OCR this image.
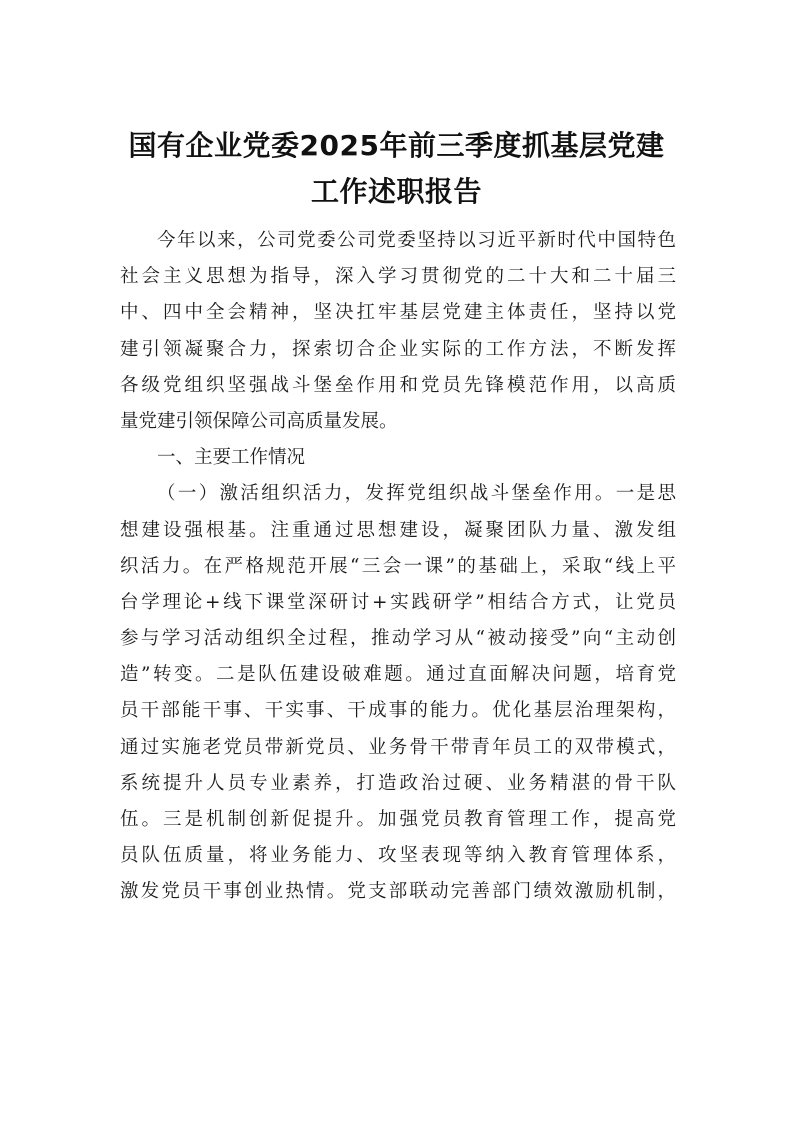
国有企业党委2025年前三季度抓基层党建
工作述职报告
今年以来，公司党委公司党委坚持以习近平新时代中国特色
社会主义思想为指导，深入学习贯彻党的二十大和二十届三
中、四中全会精神，坚决扛牢基层党建主体责任，坚持以党
建引领凝聚合力，探索切合企业实际的工作方法，不断发挥
各级党组织坚强战斗堡垒作用和党员先锋模范作用，以高质
量党建引领保障公司高质量发展。
一、主要工作情况
（一）激活组织活力，发挥党组织战斗堡垒作用。一是思
想建设强根基。注重通过思想建设，凝聚团队力量、激发组
织活力。在严格规范开展“三会一课”的基础上，采取“线上平
台学理论+线下课堂深研讨+实践研学”相结合方式，让党员
参与学习活动组织全过程，推动学习从“被动接受”向“主动创
造”转变。二是队伍建设破难题。通过直面解决问题，培育党
员干部能干事、干实事、干成事的能力。优化基层治理架构，
通过实施老党员带新党员、业务骨干带青年员工的双带模式，
系统提升人员专业素养，打造政治过硬、业务精湛的骨干队
伍。三是机制创新促提升。加强党员教育管理工作，提高党
员队伍质量，将业务能力、攻坚表现等纳入教育管理体系，
激发党员干事创业热情。党支部联动完善部门绩效激励机制，
